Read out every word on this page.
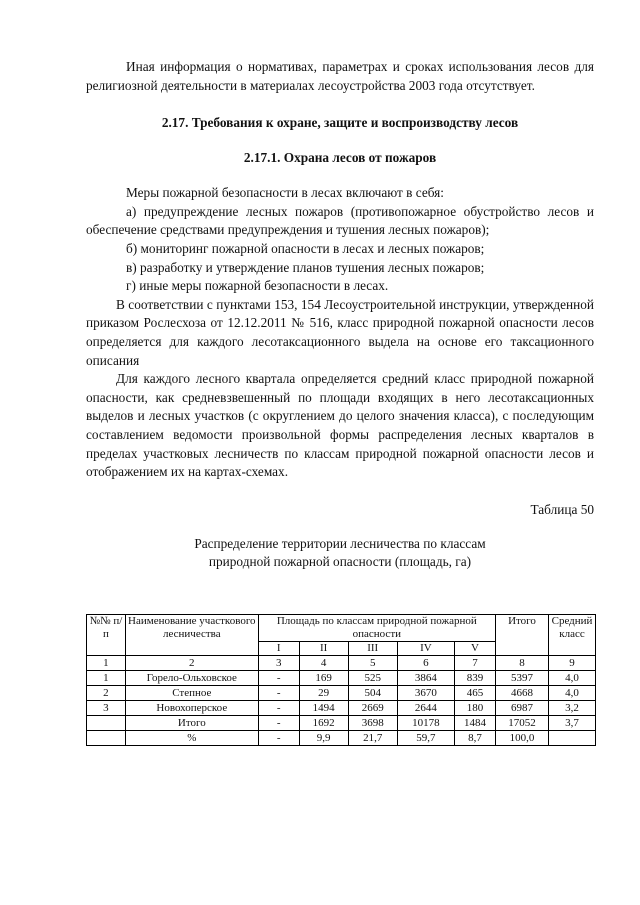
Иная информация о нормативах, параметрах и сроках использования лесов для религиозной деятельности в материалах лесоустройства 2003 года отсутствует.

2.17. Требования к охране, защите и воспроизводству лесов
2.17.1. Охрана лесов от пожаров

Меры пожарной безопасности в лесах включают в себя:

а) предупреждение лесных пожаров (противопожарное обустройство лесов и обеспечение средствами предупреждения и тушения лесных пожаров);

б) мониторинг пожарной опасности в лесах и лесных пожаров;

в) разработку и утверждение планов тушения лесных пожаров;

г) иные меры пожарной безопасности в лесах.

В соответствии с пунктами 153, 154 Лесоустроительной инструкции, утвержденной приказом Рослесхоза от 12.12.2011 № 516, класс природной пожарной опасности лесов определяется для каждого лесотаксационного выдела на основе его таксационного описания

Для каждого лесного квартала определяется средний класс природной пожарной опасности, как средневзвешенный по площади входящих в него лесотаксационных выделов и лесных участков (с округлением до целого значения класса), с последующим составлением ведомости произвольной формы распределения лесных кварталов в пределах участковых лесничеств по классам природной пожарной опасности лесов и отображением их на картах-схемах.

Таблица 50

Распределение территории лесничества по классам
природной пожарной опасности (площадь, га)
№№ п/п	Наименование участкового лесничества	Площадь по классам природной пожарной опасности					Итого	Средний класс
		I	II	III	IV	V		
1	2	3	4	5	6	7	8	9
1	Горело-Ольховское	-	169	525	3864	839	5397	4,0
2	Степное	-	29	504	3670	465	4668	4,0
3	Новохоперское	-	1494	2669	2644	180	6987	3,2
	Итого	-	1692	3698	10178	1484	17052	3,7
	%	-	9,9	21,7	59,7	8,7	100,0	
